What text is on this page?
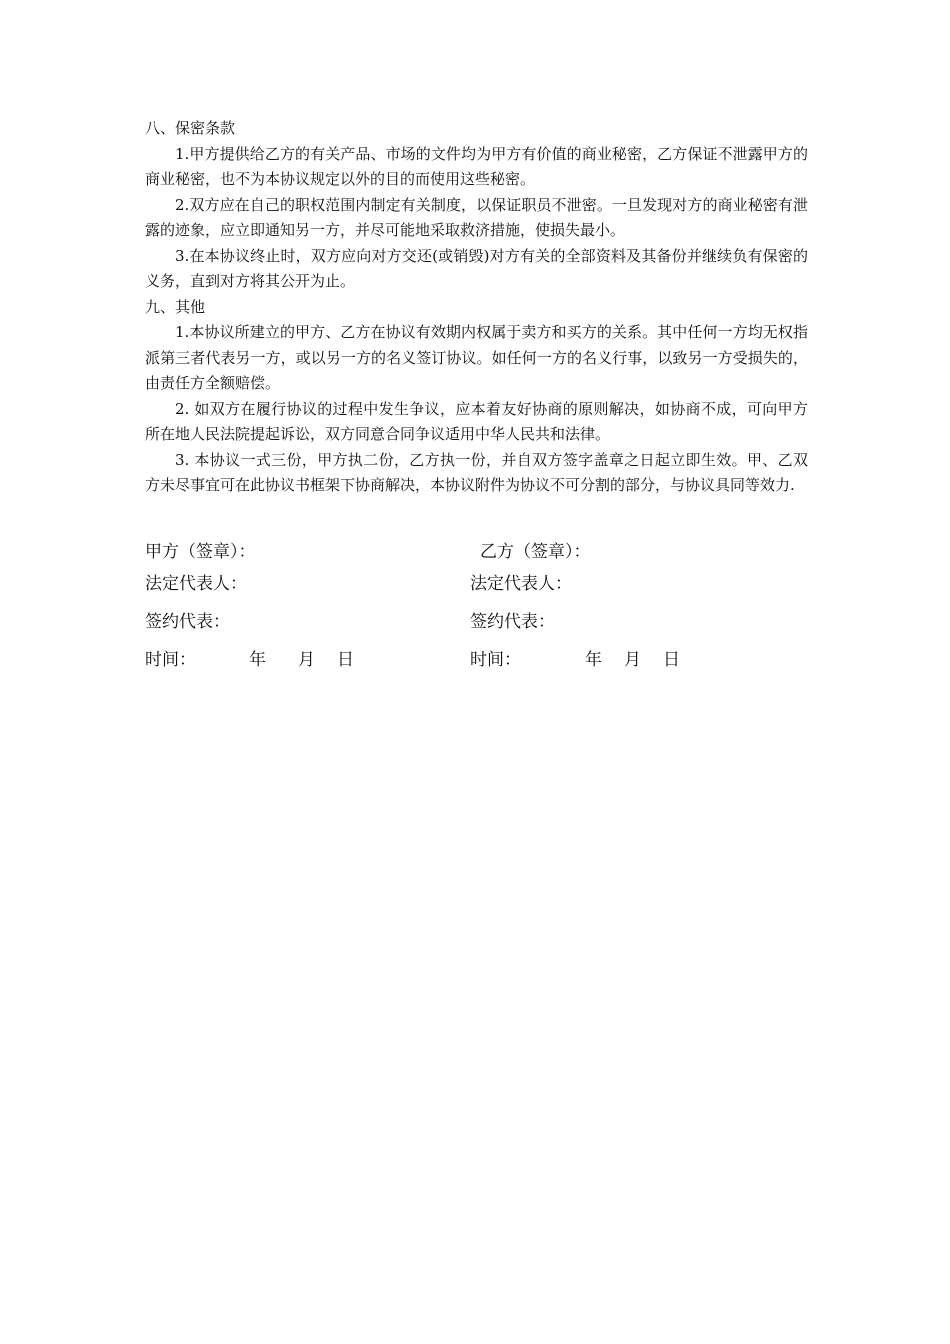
八、保密条款

1.甲方提供给乙方的有关产品、市场的文件均为甲方有价值的商业秘密，乙方保证不泄露甲方的商业秘密，也不为本协议规定以外的目的而使用这些秘密。

2.双方应在自己的职权范围内制定有关制度，以保证职员不泄密。一旦发现对方的商业秘密有泄露的迹象，应立即通知另一方，并尽可能地采取救济措施，使损失最小。

3.在本协议终止时，双方应向对方交还(或销毁)对方有关的全部资料及其备份并继续负有保密的义务，直到对方将其公开为止。

九、其他

1.本协议所建立的甲方、乙方在协议有效期内权属于卖方和买方的关系。其中任何一方均无权指派第三者代表另一方，或以另一方的名义签订协议。如任何一方的名义行事，以致另一方受损失的，由责任方全额赔偿。

2. 如双方在履行协议的过程中发生争议，应本着友好协商的原则解决，如协商不成，可向甲方所在地人民法院提起诉讼，双方同意合同争议适用中华人民共和法律。

3. 本协议一式三份，甲方执二份，乙方执一份，并自双方签字盖章之日起立即生效。甲、乙双方未尽事宜可在此协议书框架下协商解决，本协议附件为协议不可分割的部分，与协议具同等效力.

甲方（签章）：	乙方（签章）：
法定代表人：	法定代表人：
签约代表：	签约代表：
时间：	年 月 日	时间：	年 月 日
